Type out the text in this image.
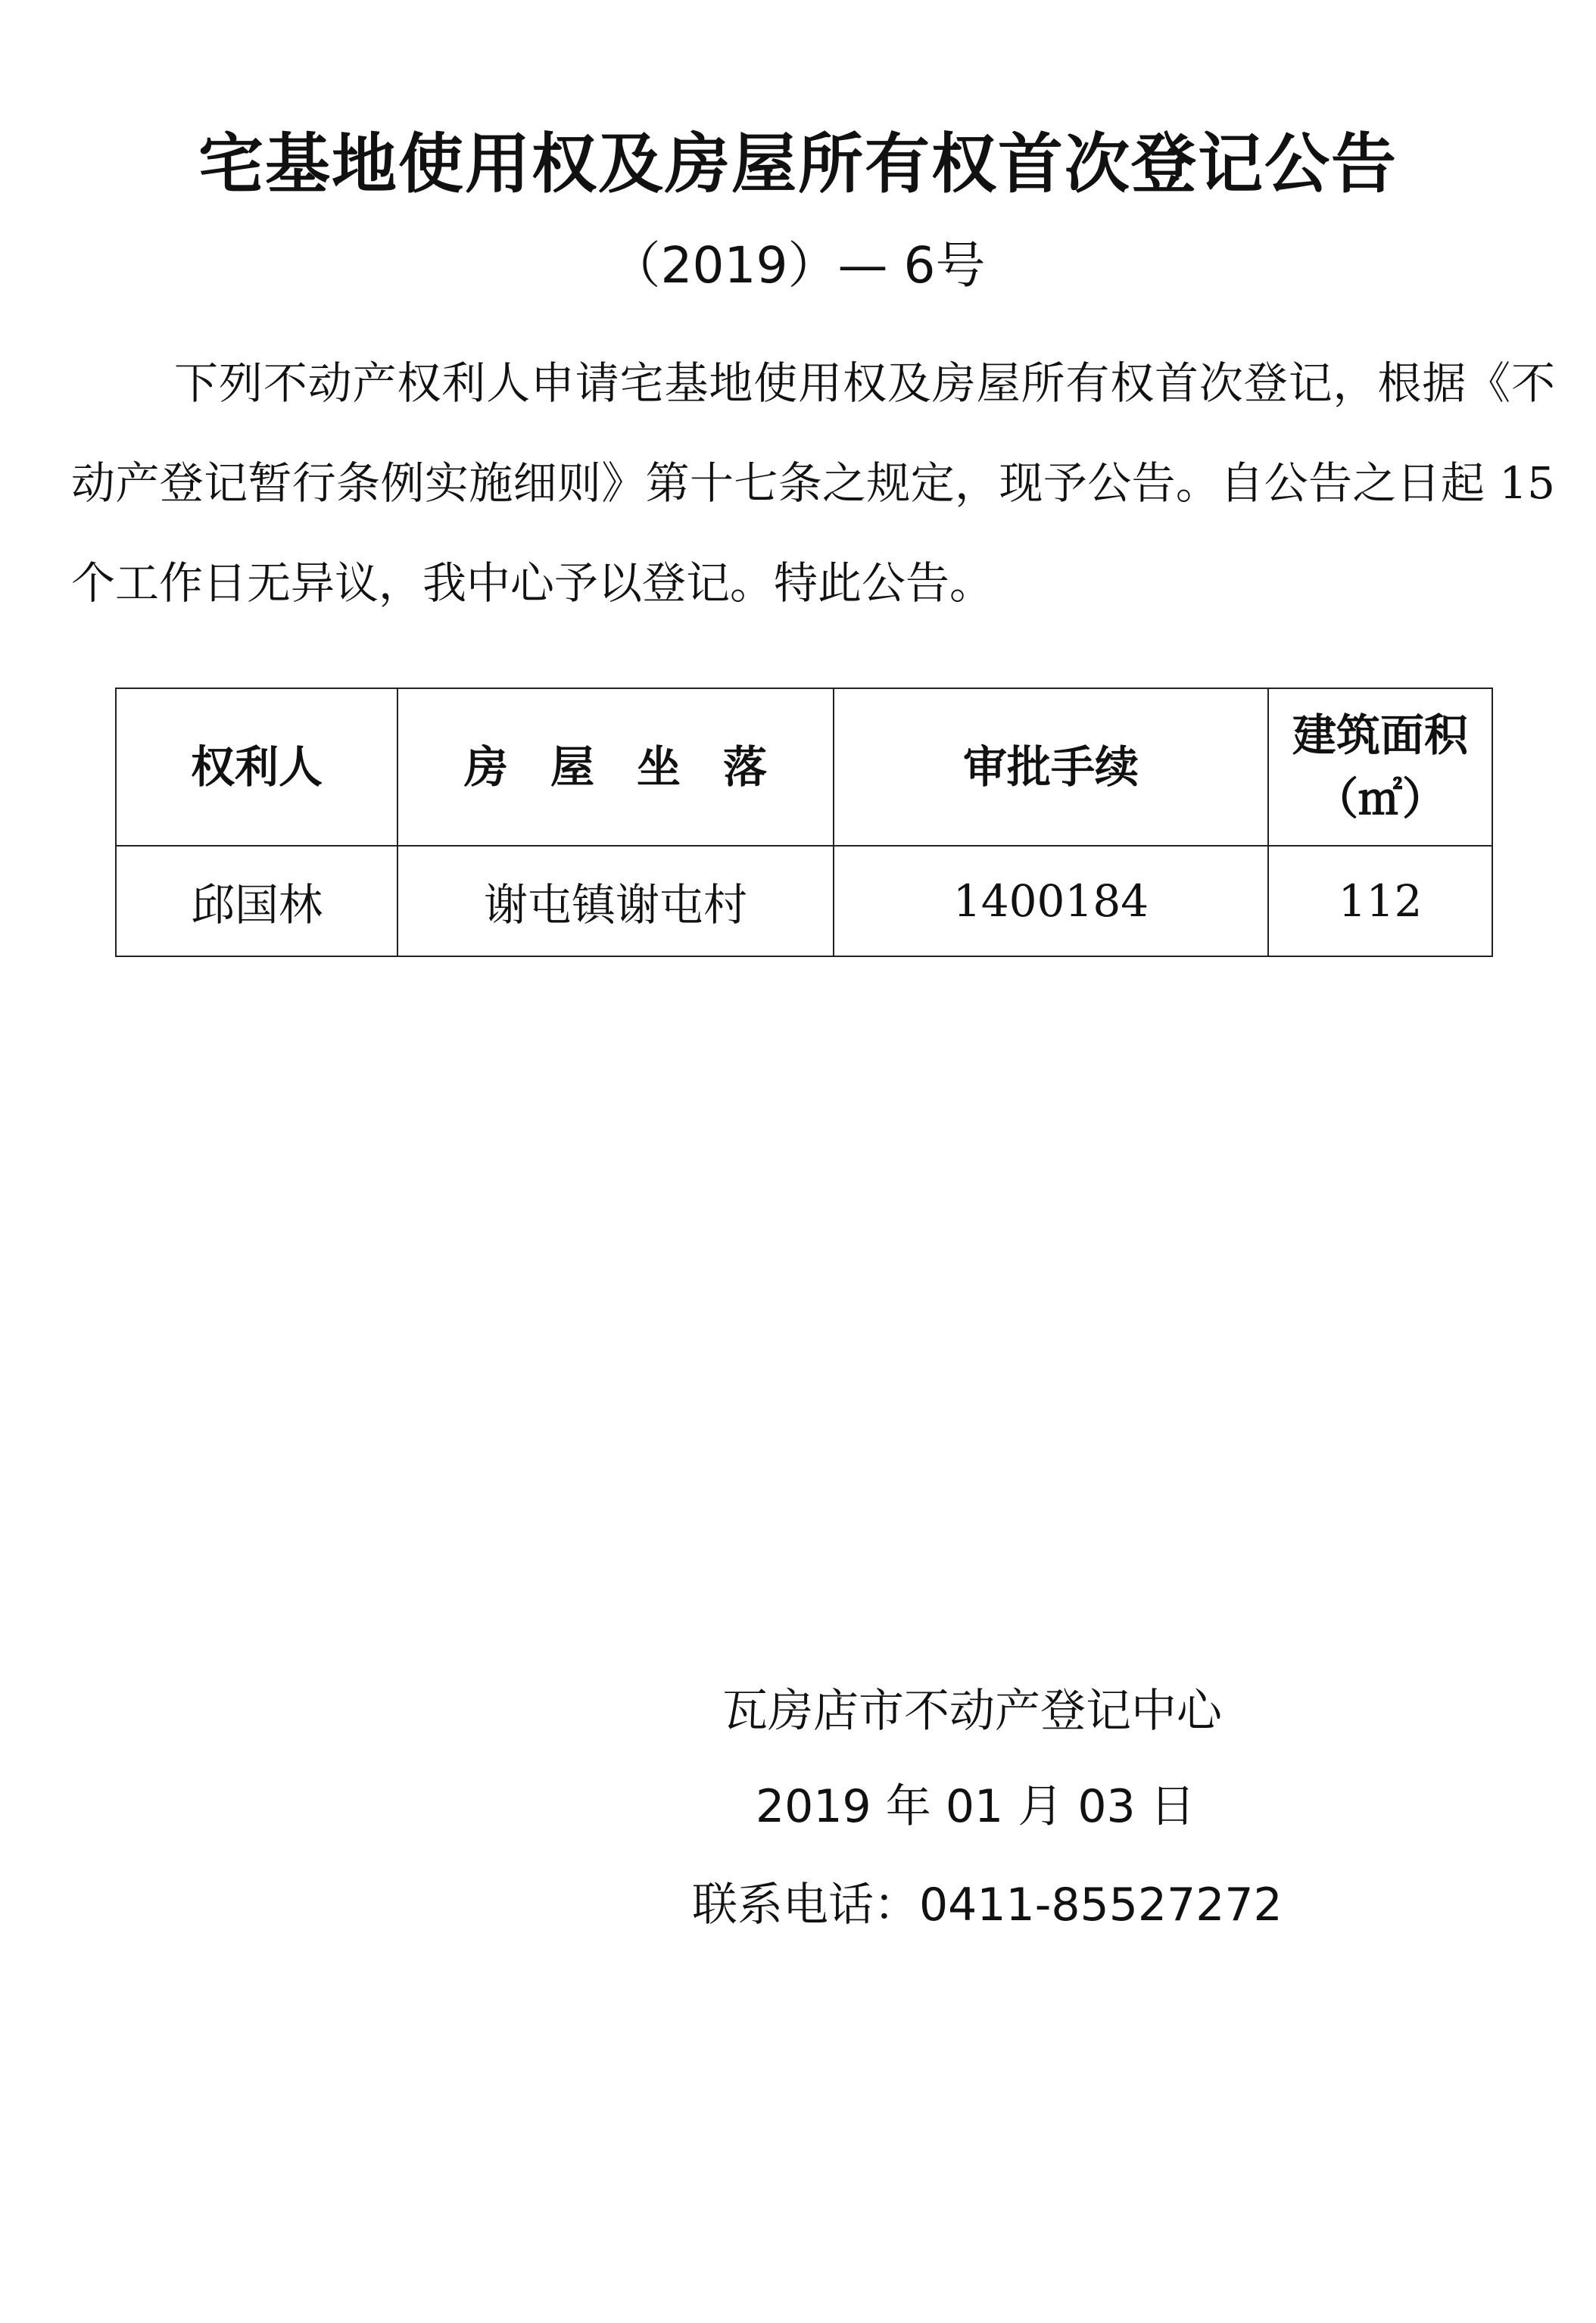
宅基地使用权及房屋所有权首次登记公告
（2019）— 6号

下列不动产权利人申请宅基地使用权及房屋所有权首次登记，根据《不动产登记暂行条例实施细则》第十七条之规定，现予公告。自公告之日起 15 个工作日无异议，我中心予以登记。特此公告。

权利人	房屋坐落	审批手续	建筑面积
（㎡）

邱国林	谢屯镇谢屯村	1400184	112
瓦房店市不动产登记中心
2019 年 01 月 03 日
联系电话：0411-85527272
